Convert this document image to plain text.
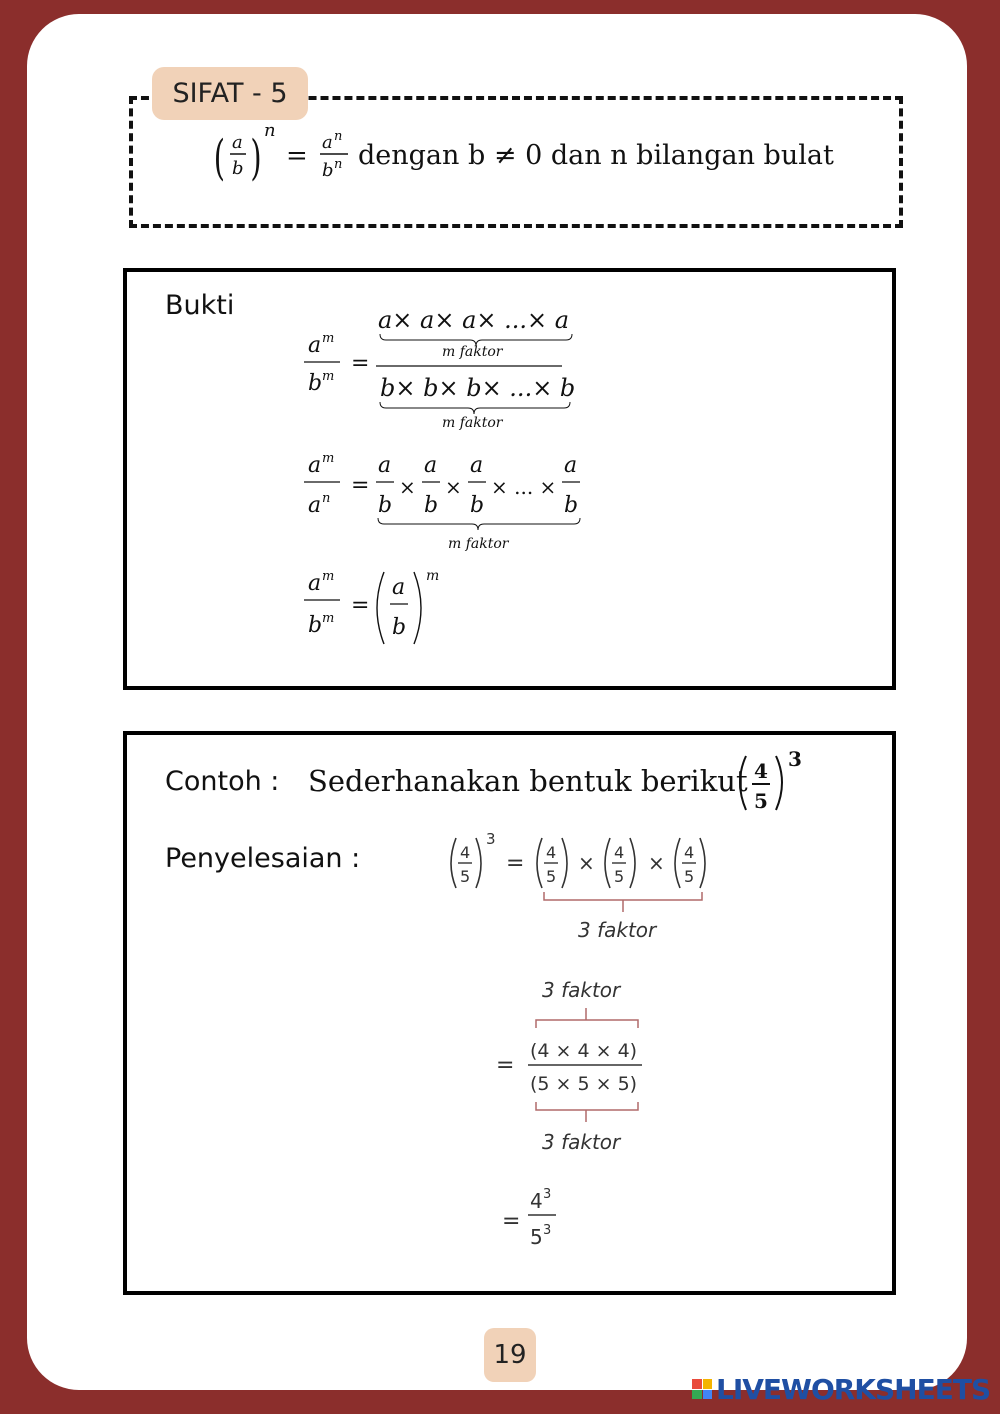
SIFAT - 5
( a
b ) n
= a n
b n dengan b ≠ 0 dan n bilangan bulat
Bukti
a m
b m
=
a× a× a× ...× a
m faktor
b× b× b× ...× b
m faktor
a m
a n
=
a
b
×
a
b
×
a
b
× ... ×
a
b
m faktor
a m
b m
=
a
b
m
Contoh : Sederhanakan bentuk berikut 4
5
3
Penyelesaian :	4
5
3
= 4
5
× 4
5
× 4
5
3 faktor
3 faktor
=
(4 × 4 × 4)
(5 × 5 × 5)
3 faktor
=
4 3
5 3
19
LIVEWORKSHEETS
